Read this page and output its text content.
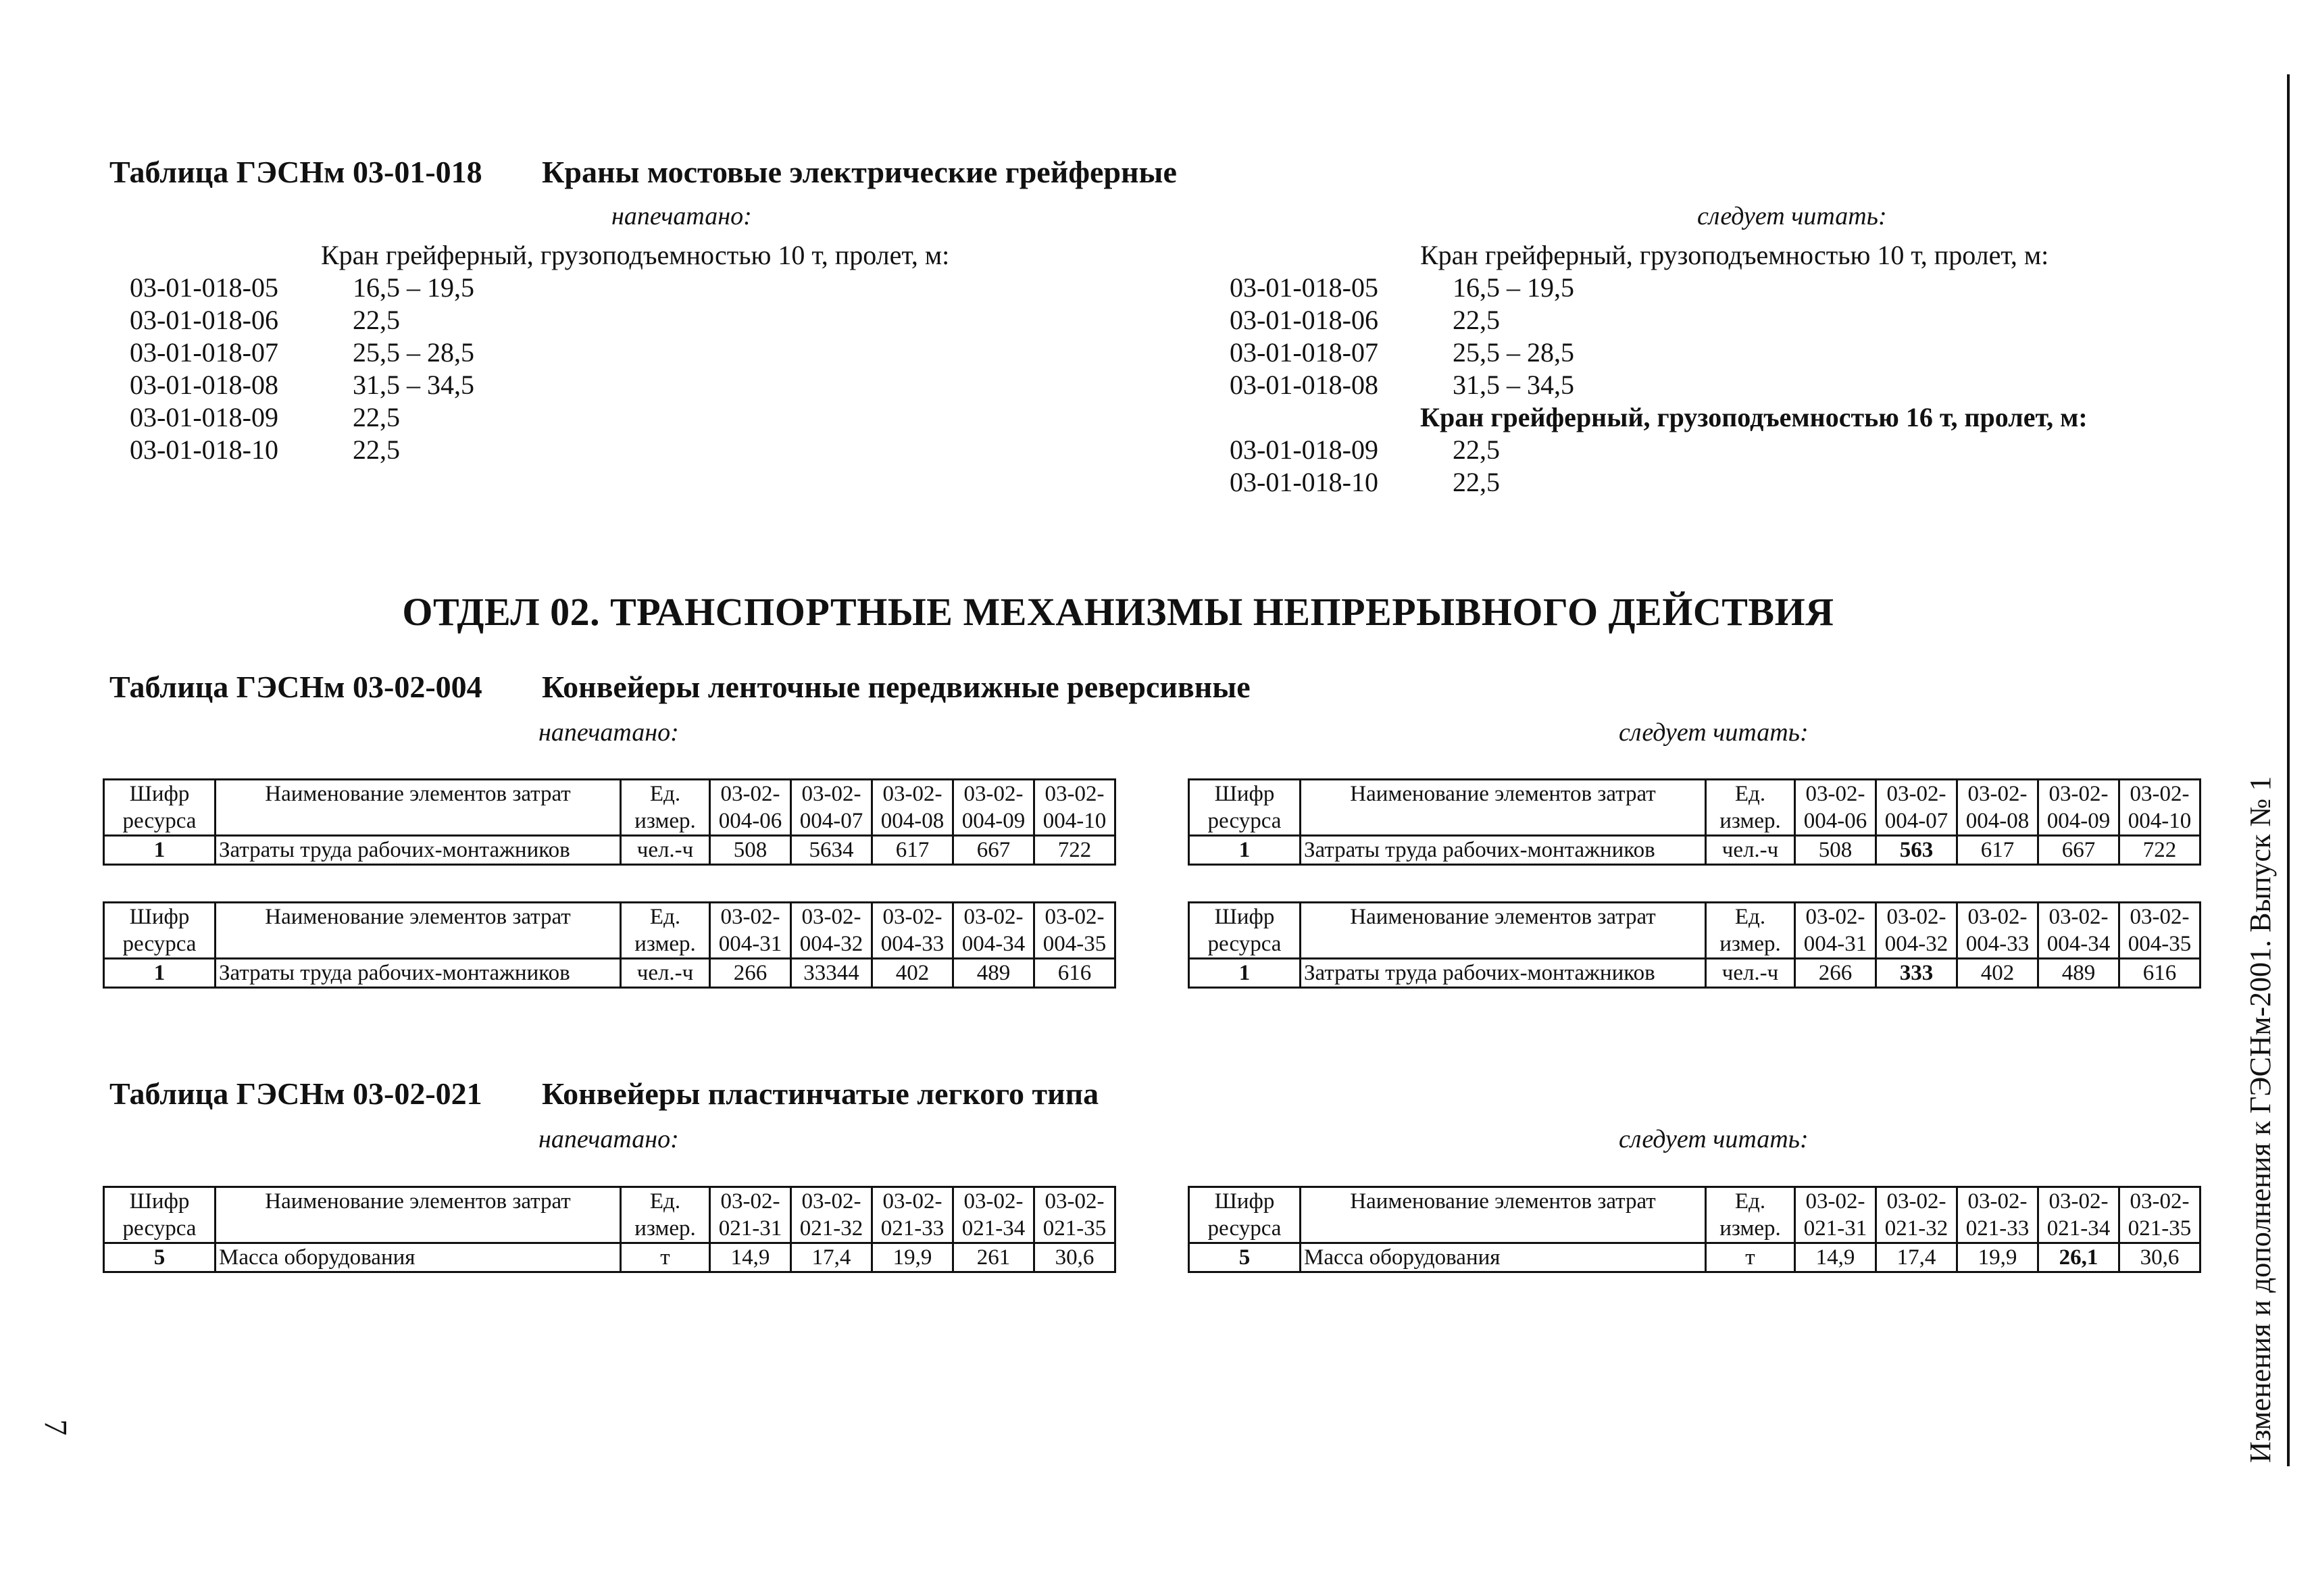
Таблица ГЭСНм 03-01-018 Краны мостовые электрические грейферные
напечатано:	следует читать:
Кран грейферный, грузоподъемностью 10 т, пролет, м:
03-01-018-05	16,5 – 19,5
03-01-018-06	22,5
03-01-018-07	25,5 – 28,5
03-01-018-08	31,5 – 34,5
03-01-018-09	22,5
03-01-018-10	22,5
Кран грейферный, грузоподъемностью 10 т, пролет, м:
03-01-018-05	16,5 – 19,5
03-01-018-06	22,5
03-01-018-07	25,5 – 28,5
03-01-018-08	31,5 – 34,5
Кран грейферный, грузоподъемностью 16 т, пролет, м:
03-01-018-09	22,5
03-01-018-10	22,5
ОТДЕЛ 02. ТРАНСПОРТНЫЕ МЕХАНИЗМЫ НЕПРЕРЫВНОГО ДЕЙСТВИЯ
Таблица ГЭСНм 03-02-004 Конвейеры ленточные передвижные реверсивные
напечатано:	следует читать:
Таблица ГЭСНм 03-02-021 Конвейеры пластинчатые легкого типа
напечатано:	следует читать:
Шифр	Наименование элементов затрат	Ед.	03-02-	03-02-	03-02-	03-02-	03-02-
ресурса		измер.	004-06	004-07	004-08	004-09	004-10
1	Затраты труда рабочих-монтажников	чел.-ч	508	5634	617	667	722
Шифр	Наименование элементов затрат	Ед.	03-02-	03-02-	03-02-	03-02-	03-02-
ресурса		измер.	004-06	004-07	004-08	004-09	004-10
1	Затраты труда рабочих-монтажников	чел.-ч	508	563	617	667	722
Шифр	Наименование элементов затрат	Ед.	03-02-	03-02-	03-02-	03-02-	03-02-
ресурса		измер.	004-31	004-32	004-33	004-34	004-35
1	Затраты труда рабочих-монтажников	чел.-ч	266	33344	402	489	616
Шифр	Наименование элементов затрат	Ед.	03-02-	03-02-	03-02-	03-02-	03-02-
ресурса		измер.	004-31	004-32	004-33	004-34	004-35
1	Затраты труда рабочих-монтажников	чел.-ч	266	333	402	489	616
Шифр	Наименование элементов затрат	Ед.	03-02-	03-02-	03-02-	03-02-	03-02-
ресурса		измер.	021-31	021-32	021-33	021-34	021-35
5	Масса оборудования	т	14,9	17,4	19,9	261	30,6
Шифр	Наименование элементов затрат	Ед.	03-02-	03-02-	03-02-	03-02-	03-02-
ресурса		измер.	021-31	021-32	021-33	021-34	021-35
5	Масса оборудования	т	14,9	17,4	19,9	26,1	30,6 Изменения и дополнения к ГЭСНм-2001. Выпуск № 1
7
